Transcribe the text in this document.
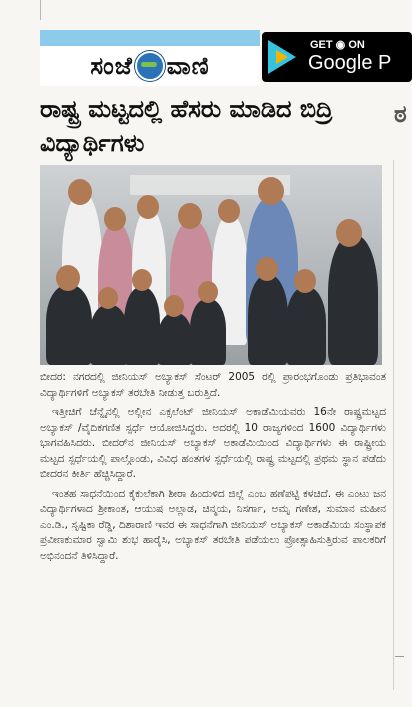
ಸಂಜೆ ವಾಣಿ
GET ◉ ON
Google P
ರಾಷ್ಟ್ರ ಮಟ್ಟದಲ್ಲಿ ಹೆಸರು ಮಾಡಿದ ಬಿದ್ರಿ ವಿದ್ಯಾರ್ಥಿಗಳು

ಬೀದರ: ನಗರದಲ್ಲಿ ಜೀನಿಯಸ್ ಅಬ್ಯಾಕಸ್ ಸೆಂಟರ್ 2005 ರಲ್ಲಿ ಪ್ರಾರಂಭಗೊಂಡು ಪ್ರತಿಭಾವಂತ ವಿದ್ಯಾರ್ಥಿಗಳಿಗೆ ಅಬ್ಯಾಕಸ್ ತರಬೇತಿ ನೀಡುತ್ತ ಬರುತ್ತಿದೆ.

ಇತ್ತೀಚಿಗೆ ಚೆನ್ನೈನಲ್ಲಿ ಅಲ್ಲೀನ ಎಕ್ಸಲೆಂಟ್ ಜೀನಿಯಸ್ ಅಕಾಡೆಮಿಯವರು 16ನೇ ರಾಷ್ಟ್ರಮಟ್ಟದ ಅಬ್ಯಾಕಸ್ /ವೈದಿಕಗಣಿತ ಸ್ಪರ್ಧೆ ಆಯೋಜಿಸಿದ್ದರು. ಅದರಲ್ಲಿ 10 ರಾಜ್ಯಗಳಿಂದ 1600 ವಿದ್ಯಾರ್ಥಿಗಳು ಭಾಗವಹಿಸಿದರು. ಬೀದರ್‌ನ ಜೀನಿಯಸ್ ಅಬ್ಯಾಕಸ್ ಅಕಾಡೆಮಿಯಿಂದ ವಿದ್ಯಾರ್ಥಿಗಳು ಈ ರಾಷ್ಟ್ರೀಯ ಮಟ್ಟದ ಸ್ಪರ್ಧೆಯಲ್ಲಿ ಪಾಲ್ಗೊಂಡು, ವಿವಿಧ ಹಂತಗಳ ಸ್ಪರ್ಧೆಯಲ್ಲಿ ರಾಷ್ಟ್ರ ಮಟ್ಟದಲ್ಲಿ ಪ್ರಥಮ ಸ್ಥಾನ ಪಡೆದು ಬೀದರನ ಕೀರ್ತಿ ಹೆಚ್ಚಿಸಿದ್ದಾರೆ.

ಇಂತಹ ಸಾಧನೆಯಿಂದ ಕೈಕುಲೆಕಾಗಿ ಶೀರಾ ಹಿಂದುಳಿದ ಜಿಲ್ಲೆ ಎಂಬ ಹಣೆಪಟ್ಟಿ ಕಳಚಿದೆ. ಈ ಎಂಟು ಜನ ವಿದ್ಯಾರ್ಥಿಗಳಾದ ಶ್ರೀಕಾಂತ, ಆಯುಷ ಅಲ್ಲಾಡ, ಚಿನ್ಮಯ, ನಿಸರ್ಗಾ, ಅಮೃ ಗಣೇಶ, ಸುಮಾನ ಮಹೀನ ಎಂ.ಡಿ., ಸೃಷ್ಟಿಕಾ ರೆಡ್ಡಿ, ದಿಶಾರಾಣಿ ಇವರ ಈ ಸಾಧನೆಗಾಗಿ ಜೀನಿಯಸ್ ಅಬ್ಯಾಕಸ್ ಅಕಾಡೆಮಿಯ ಸಂಸ್ಥಾಪಕ ಪ್ರವೀಣಕುಮಾರ ಸ್ವಾಮಿ ಶುಭ ಹಾರೈಸಿ, ಅಬ್ಯಾಕಸ್ ತರಬೇತಿ ಪಡೆಯಲು ಪ್ರೋತ್ಸಾಹಿಸುತ್ತಿರುವ ಪಾಲಕರಿಗೆ ಅಭಿನಂದನೆ ತಿಳಿಸಿದ್ದಾರೆ.

ಠ
